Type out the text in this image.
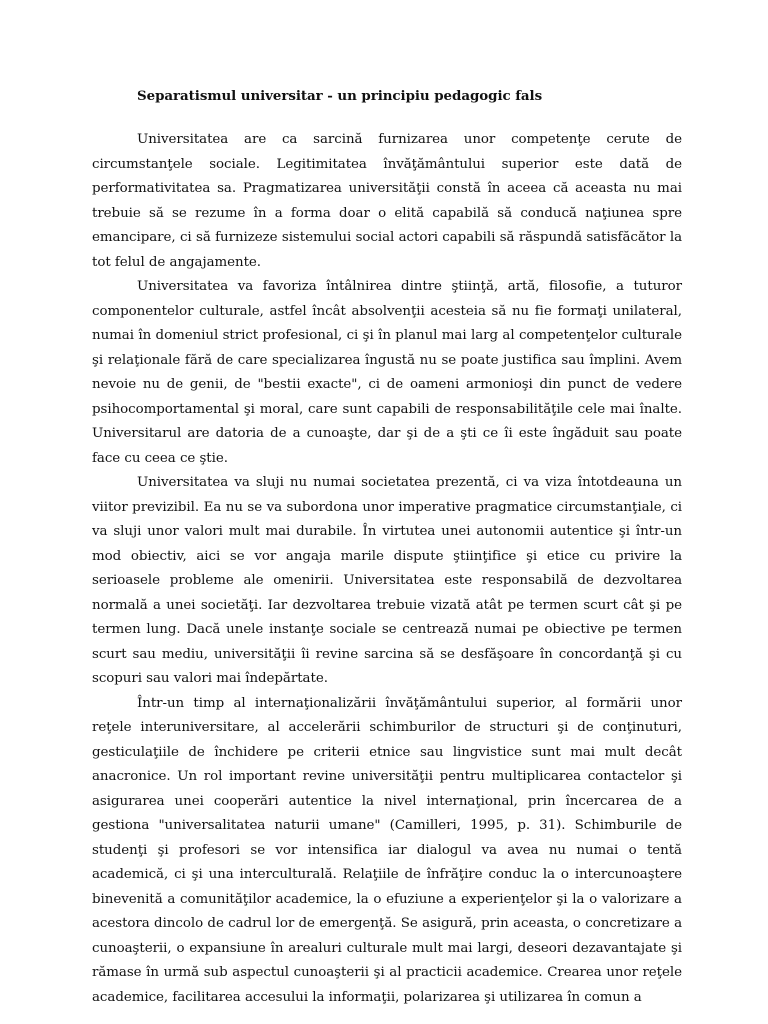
Separatismul universitar - un principiu pedagogic fals

Universitatea are ca sarcină furnizarea unor competenţe cerute de circumstanţele sociale. Legitimitatea învăţământului superior este dată de performativitatea sa. Pragmatizarea universităţii constă în aceea că aceasta nu mai trebuie să se rezume în a forma doar o elită capabilă să conducă naţiunea spre emancipare, ci să furnizeze sistemului social actori capabili să răspundă satisfăcător la tot felul de angajamente.

Universitatea va favoriza întâlnirea dintre ştiinţă, artă, filosofie, a tuturor componentelor culturale, astfel încât absolvenţii acesteia să nu fie formaţi unilateral, numai în domeniul strict profesional, ci şi în planul mai larg al competenţelor culturale şi relaţionale fără de care specializarea îngustă nu se poate justifica sau împlini. Avem nevoie nu de genii, de "bestii exacte", ci de oameni armonioşi din punct de vedere psihocomportamental şi moral, care sunt capabili de responsabilităţile cele mai înalte. Universitarul are datoria de a cunoaşte, dar şi de a şti ce îi este îngăduit sau poate face cu ceea ce ştie.

Universitatea va sluji nu numai societatea prezentă, ci va viza întotdeauna un viitor previzibil. Ea nu se va subordona unor imperative pragmatice circumstanţiale, ci va sluji unor valori mult mai durabile. În virtutea unei autonomii autentice şi într-un mod obiectiv, aici se vor angaja marile dispute ştiinţifice şi etice cu privire la serioasele probleme ale omenirii. Universitatea este responsabilă de dezvoltarea normală a unei societăţi. Iar dezvoltarea trebuie vizată atât pe termen scurt cât şi pe termen lung. Dacă unele instanţe sociale se centrează numai pe obiective pe termen scurt sau mediu, universităţii îi revine sarcina să se desfăşoare în concordanţă şi cu scopuri sau valori mai îndepărtate.

Într-un timp al internaţionalizării învăţământului superior, al formării unor reţele interuniversitare, al accelerării schimburilor de structuri şi de conţinuturi, gesticulaţiile de închidere pe criterii etnice sau lingvistice sunt mai mult decât anacronice. Un rol important revine universităţii pentru multiplicarea contactelor şi asigurarea unei cooperări autentice la nivel internaţional, prin încercarea de a gestiona "universalitatea naturii umane" (Camilleri, 1995, p. 31). Schimburile de studenţi şi profesori se vor intensifica iar dialogul va avea nu numai o tentă academică, ci şi una interculturală. Relaţiile de înfrăţire conduc la o intercunoaştere binevenită a comunităţilor academice, la o efuziune a experienţelor şi la o valorizare a acestora dincolo de cadrul lor de emergenţă. Se asigură, prin aceasta, o concretizare a cunoaşterii, o expansiune în arealuri culturale mult mai largi, deseori dezavantajate şi rămase în urmă sub aspectul cunoaşterii şi al practicii academice. Crearea unor reţele academice, facilitarea accesului la informaţii, polarizarea şi utilizarea în comun a
